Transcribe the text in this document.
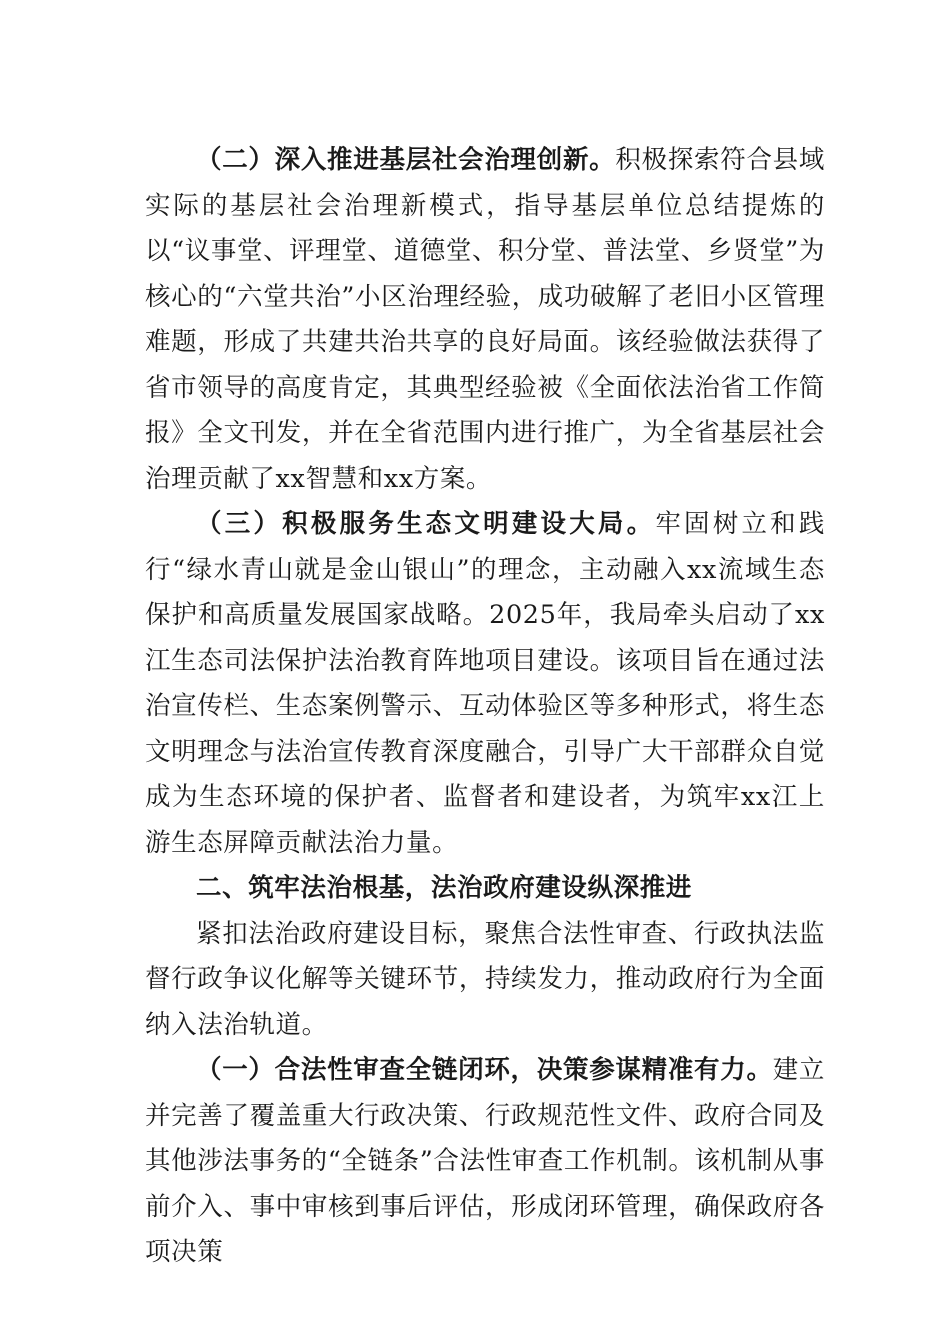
（二）深入推进基层社会治理创新。积极探索符合县域实际的基层社会治理新模式，指导基层单位总结提炼的以“议事堂、评理堂、道德堂、积分堂、普法堂、乡贤堂”为核心的“六堂共治”小区治理经验，成功破解了老旧小区管理难题，形成了共建共治共享的良好局面。该经验做法获得了省市领导的高度肯定，其典型经验被《全面依法治省工作简报》全文刊发，并在全省范围内进行推广，为全省基层社会治理贡献了xx智慧和xx方案。

（三）积极服务生态文明建设大局。牢固树立和践行“绿水青山就是金山银山”的理念，主动融入xx流域生态保护和高质量发展国家战略。2025年，我局牵头启动了xx江生态司法保护法治教育阵地项目建设。该项目旨在通过法治宣传栏、生态案例警示、互动体验区等多种形式，将生态文明理念与法治宣传教育深度融合，引导广大干部群众自觉成为生态环境的保护者、监督者和建设者，为筑牢xx江上游生态屏障贡献法治力量。

二、筑牢法治根基，法治政府建设纵深推进

紧扣法治政府建设目标，聚焦合法性审查、行政执法监督行政争议化解等关键环节，持续发力，推动政府行为全面纳入法治轨道。

（一）合法性审查全链闭环，决策参谋精准有力。建立并完善了覆盖重大行政决策、行政规范性文件、政府合同及其他涉法事务的“全链条”合法性审查工作机制。该机制从事前介入、事中审核到事后评估，形成闭环管理，确保政府各项决策
